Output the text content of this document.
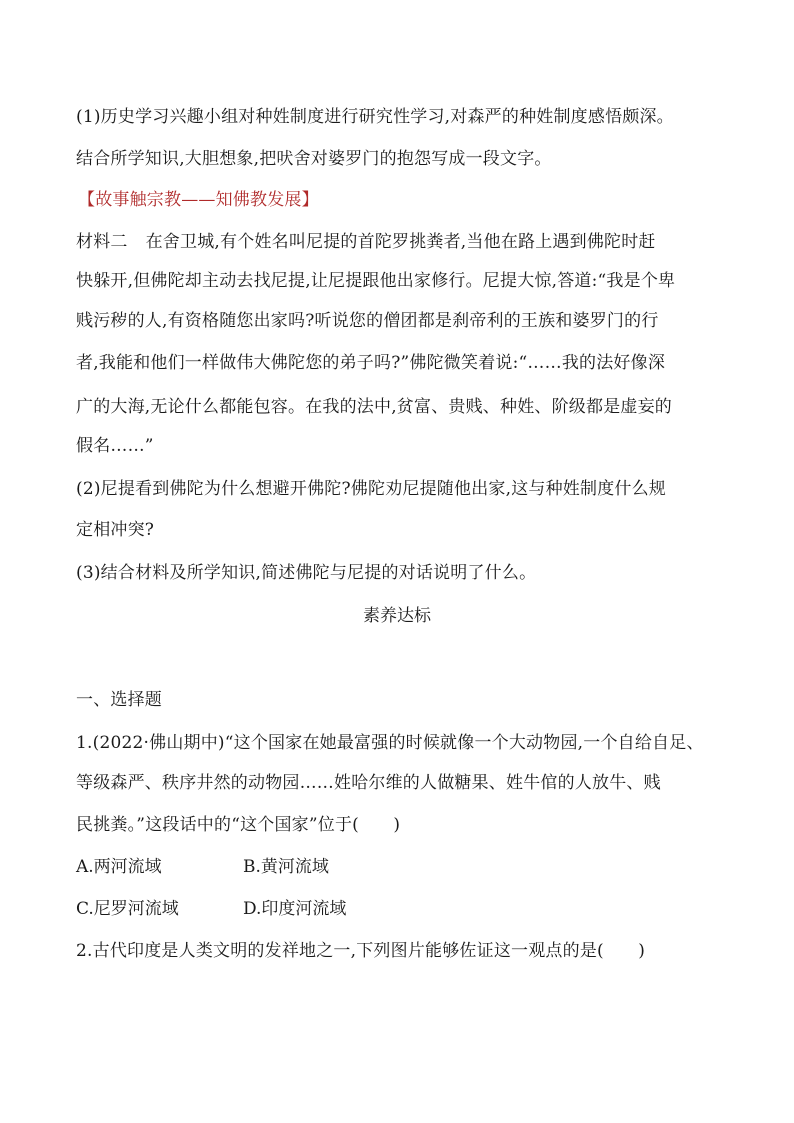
(1)历史学习兴趣小组对种姓制度进行研究性学习,对森严的种姓制度感悟颇深。
结合所学知识,大胆想象,把吠舍对婆罗门的抱怨写成一段文字。
【故事触宗教——知佛教发展】
材料二 在舍卫城,有个姓名叫尼提的首陀罗挑粪者,当他在路上遇到佛陀时赶
快躲开,但佛陀却主动去找尼提,让尼提跟他出家修行。尼提大惊,答道:“我是个卑
贱污秽的人,有资格随您出家吗?听说您的僧团都是刹帝利的王族和婆罗门的行
者,我能和他们一样做伟大佛陀您的弟子吗?”佛陀微笑着说:“……我的法好像深
广的大海,无论什么都能包容。在我的法中,贫富、贵贱、种姓、阶级都是虚妄的
假名……”
(2)尼提看到佛陀为什么想避开佛陀?佛陀劝尼提随他出家,这与种姓制度什么规
定相冲突?
(3)结合材料及所学知识,简述佛陀与尼提的对话说明了什么。
素养达标
一、选择题
1.(2022·佛山期中)“这个国家在她最富强的时候就像一个大动物园,一个自给自足、
等级森严、秩序井然的动物园……姓哈尔维的人做糖果、姓牛倌的人放牛、贱
民挑粪。”这段话中的“这个国家”位于(　　)
A.两河流域	B.黄河流域
C.尼罗河流域	D.印度河流域
2.古代印度是人类文明的发祥地之一,下列图片能够佐证这一观点的是(　　)
